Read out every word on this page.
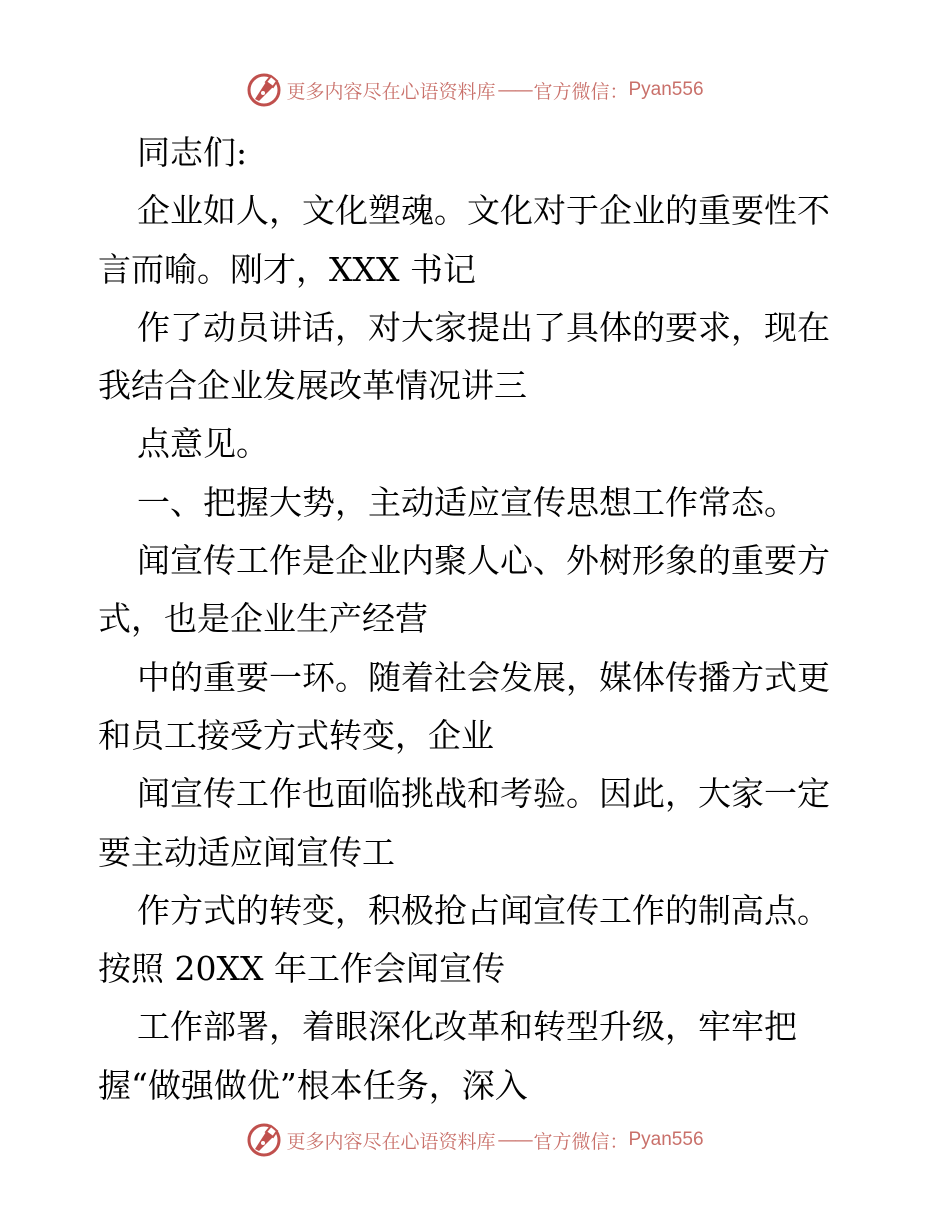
更多内容尽在心语资料库 —— 官方微信： Pyan556
同志们:
企业如人，文化塑魂。文化对于企业的重要性不
言而喻。刚才，XXX 书记
作了动员讲话，对大家提出了具体的要求，现在
我结合企业发展改革情况讲三
点意见。
一、把握大势，主动适应宣传思想工作常态。
闻宣传工作是企业内聚人心、外树形象的重要方
式，也是企业生产经营
中的重要一环。随着社会发展，媒体传播方式更
和员工接受方式转变，企业
闻宣传工作也面临挑战和考验。因此，大家一定
要主动适应闻宣传工
作方式的转变，积极抢占闻宣传工作的制高点。
按照 20XX 年工作会闻宣传
工作部署，着眼深化改革和转型升级，牢牢把
握“做强做优”根本任务，深入
更多内容尽在心语资料库 —— 官方微信： Pyan556
